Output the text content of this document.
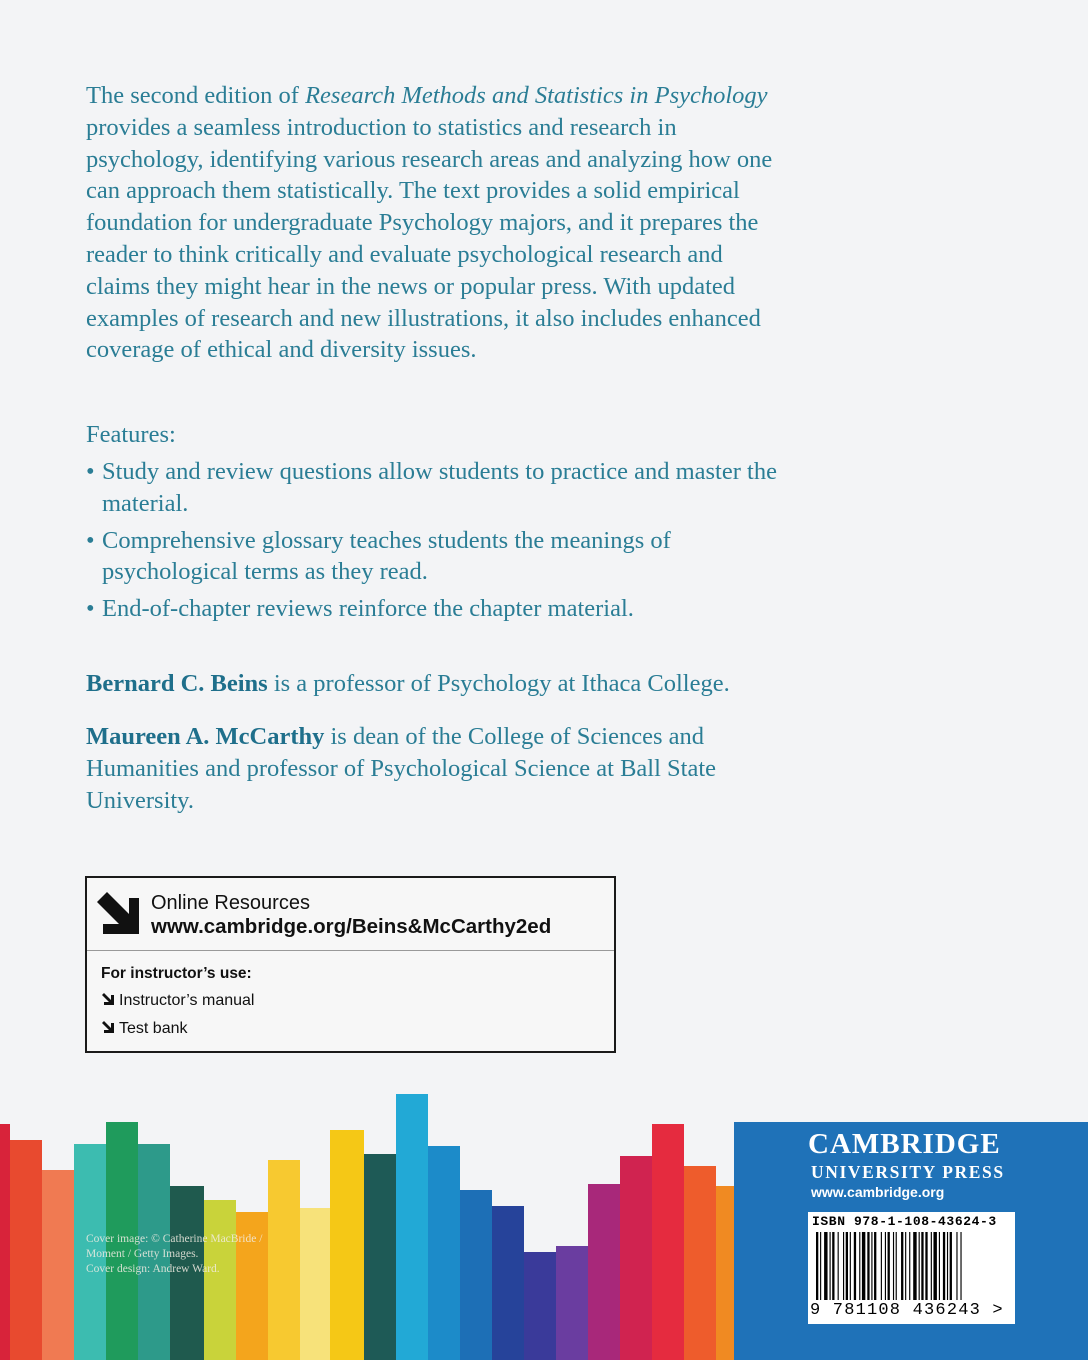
The second edition of Research Methods and Statistics in Psychology provides a seamless introduction to statistics and research in psychology, identifying various research areas and analyzing how one can approach them statistically. The text provides a solid empirical foundation for undergraduate Psychology majors, and it prepares the reader to think critically and evaluate psychological research and claims they might hear in the news or popular press. With updated examples of research and new illustrations, it also includes enhanced coverage of ethical and diversity issues.

Features:

• Study and review questions allow students to practice and master the material.
• Comprehensive glossary teaches students the meanings of psychological terms as they read.
• End-of-chapter reviews reinforce the chapter material.

Bernard C. Beins is a professor of Psychology at Ithaca College.

Maureen A. McCarthy is dean of the College of Sciences and Humanities and professor of Psychological Science at Ball State University.

Online Resources
www.cambridge.org/Beins&McCarthy2ed
For instructor’s use:
Instructor’s manual
Test bank
Cover image: © Catherine MacBride /
Moment / Getty Images.
Cover design: Andrew Ward.
CAMBRIDGE
UNIVERSITY PRESS
www.cambridge.org
ISBN 978-1-108-43624-3
9 781108 436243 >
